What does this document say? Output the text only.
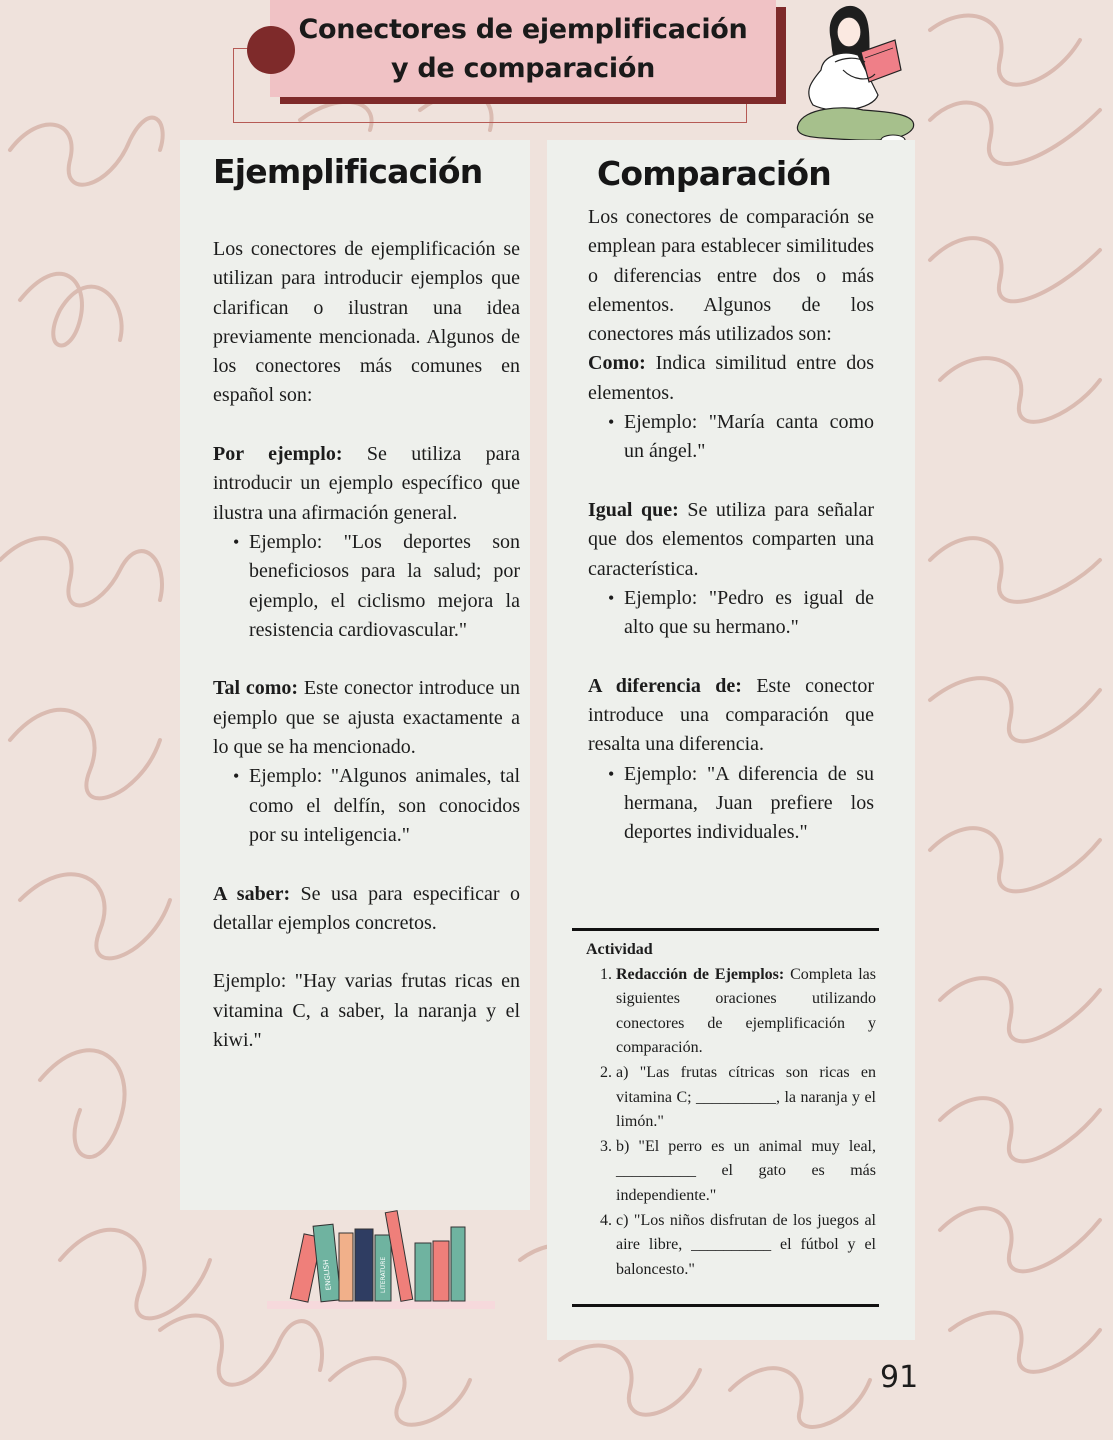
Conectores de ejemplificación
y de comparación
Ejemplificación

Los conectores de ejemplificación se utilizan para introducir ejemplos que clarifican o ilustran una idea previamente mencionada. Algunos de los conectores más comunes en español son:

Por ejemplo: Se utiliza para introducir un ejemplo específico que ilustra una afirmación general.

• Ejemplo: "Los deportes son beneficiosos para la salud; por ejemplo, el ciclismo mejora la resistencia cardiovascular."

Tal como: Este conector introduce un ejemplo que se ajusta exactamente a lo que se ha mencionado.

• Ejemplo: "Algunos animales, tal como el delfín, son conocidos por su inteligencia."

A saber: Se usa para especificar o detallar ejemplos concretos.

Ejemplo: "Hay varias frutas ricas en vitamina C, a saber, la naranja y el kiwi."

Comparación

Los conectores de comparación se emplean para establecer similitudes o diferencias entre dos o más elementos. Algunos de los conectores más utilizados son:

Como: Indica similitud entre dos elementos.

• Ejemplo: "María canta como un ángel."

Igual que: Se utiliza para señalar que dos elementos comparten una característica.

• Ejemplo: "Pedro es igual de alto que su hermano."

A diferencia de: Este conector introduce una comparación que resalta una diferencia.

• Ejemplo: "A diferencia de su hermana, Juan prefiere los deportes individuales."

Actividad

1. Redacción de Ejemplos: Completa las siguientes oraciones utilizando conectores de ejemplificación y comparación.
2. a) "Las frutas cítricas son ricas en vitamina C; __________, la naranja y el limón."
3. b) "El perro es un animal muy leal, __________ el gato es más independiente."
4. c) "Los niños disfrutan de los juegos al aire libre, __________ el fútbol y el baloncesto."
ENGLISH	LITERATURE
91
